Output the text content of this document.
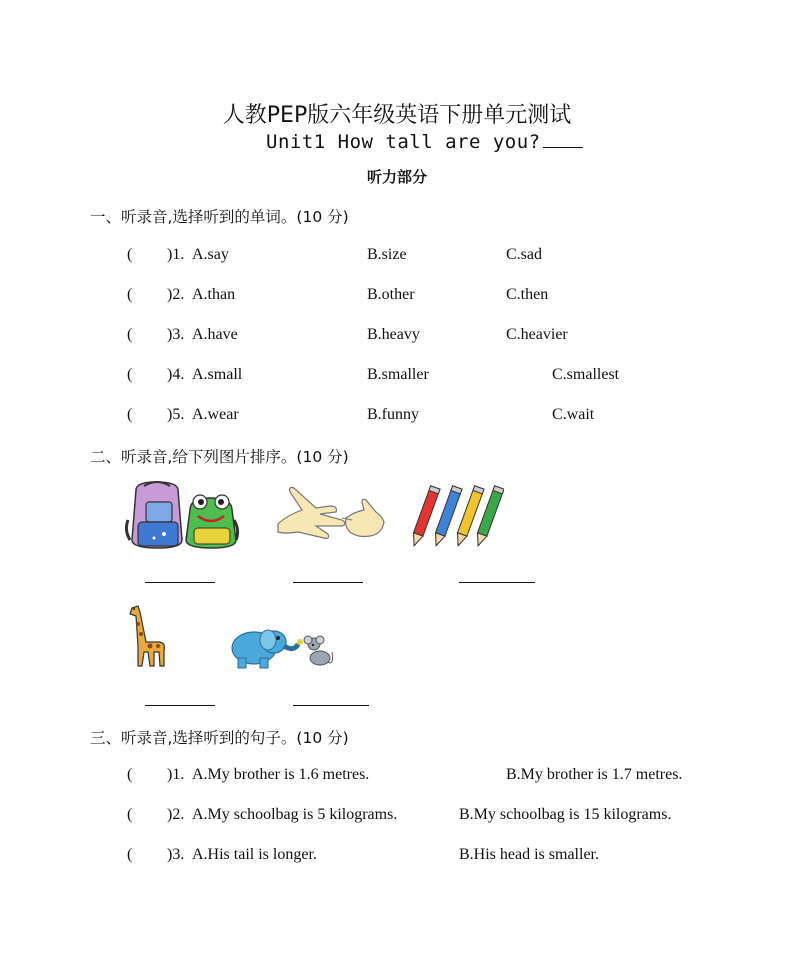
人教PEP版六年级英语下册单元测试
Unit1 How tall are you?
听力部分
一、听录音,选择听到的单词。(10 分)
( )1. A.say	B.size	C.sad
( )2. A.than	B.other	C.then
( )3. A.have	B.heavy	C.heavier
( )4. A.small	B.smaller	C.smallest
( )5. A.wear	B.funny	C.wait
二、听录音,给下列图片排序。(10 分)
三、听录音,选择听到的句子。(10 分)
( )1. A.My brother is 1.6 metres.	B.My brother is 1.7 metres.
( )2. A.My schoolbag is 5 kilograms.	B.My schoolbag is 15 kilograms.
( )3. A.His tail is longer.	B.His head is smaller.
